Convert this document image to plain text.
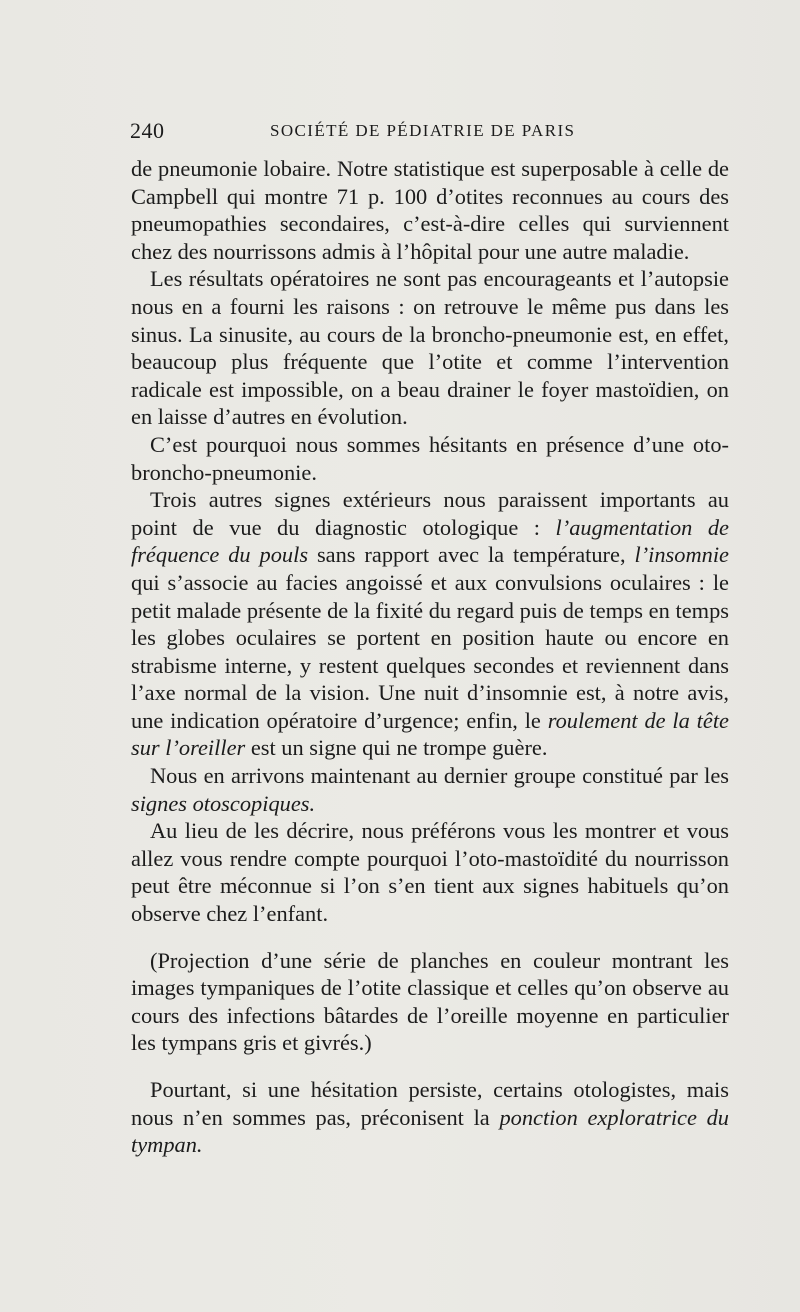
240	SOCIÉTÉ DE PÉDIATRIE DE PARIS

de pneumonie lobaire. Notre statistique est superposable à celle de Campbell qui montre 71 p. 100 d’otites reconnues au cours des pneumopathies secondaires, c’est-à-dire celles qui surviennent chez des nourrissons admis à l’hôpital pour une autre maladie.

Les résultats opératoires ne sont pas encourageants et l’autopsie nous en a fourni les raisons : on retrouve le même pus dans les sinus. La sinusite, au cours de la broncho-pneumonie est, en effet, beaucoup plus fréquente que l’otite et comme l’intervention radicale est impossible, on a beau drainer le foyer mastoïdien, on en laisse d’autres en évolution.

C’est pourquoi nous sommes hésitants en présence d’une oto-broncho-pneumonie.

Trois autres signes extérieurs nous paraissent importants au point de vue du diagnostic otologique : l’augmentation de fréquence du pouls sans rapport avec la température, l’insomnie qui s’associe au facies angoissé et aux convulsions oculaires : le petit malade présente de la fixité du regard puis de temps en temps les globes oculaires se portent en position haute ou encore en strabisme interne, y restent quelques secondes et reviennent dans l’axe normal de la vision. Une nuit d’insomnie est, à notre avis, une indication opératoire d’urgence; enfin, le roulement de la tête sur l’oreiller est un signe qui ne trompe guère.

Nous en arrivons maintenant au dernier groupe constitué par les signes otoscopiques.

Au lieu de les décrire, nous préférons vous les montrer et vous allez vous rendre compte pourquoi l’oto-mastoïdité du nourrisson peut être méconnue si l’on s’en tient aux signes habituels qu’on observe chez l’enfant.

(Projection d’une série de planches en couleur montrant les images tympaniques de l’otite classique et celles qu’on observe au cours des infections bâtardes de l’oreille moyenne en particulier les tympans gris et givrés.)

Pourtant, si une hésitation persiste, certains otologistes, mais nous n’en sommes pas, préconisent la ponction exploratrice du tympan.
